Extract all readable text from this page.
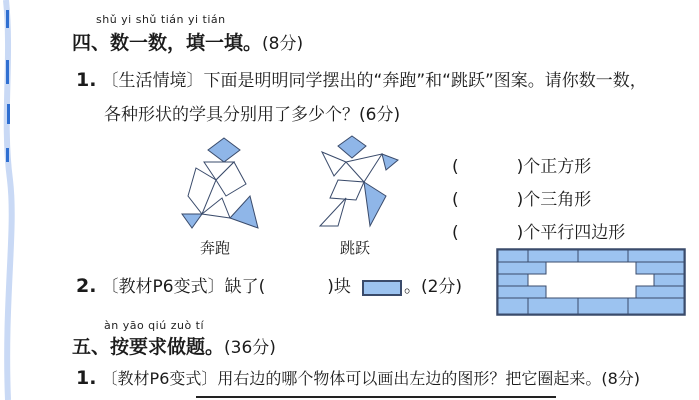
shǔ yi shǔ tián yi tián
四、数一数，填一填。(8分)
1. 〔生活情境〕下面是明明同学摆出的“奔跑”和“跳跃”图案。请你数一数，
各种形状的学具分别用了多少个？(6分)
奔跑	跳跃
(	)个正方形
(	)个三角形
(	)个平行四边形
2. 〔教材P6变式〕缺了(	)块	。(2分)
àn yāo qiú zuò tí
五、按要求做题。(36分)
1. 〔教材P6变式〕用右边的哪个物体可以画出左边的图形？把它圈起来。(8分)
